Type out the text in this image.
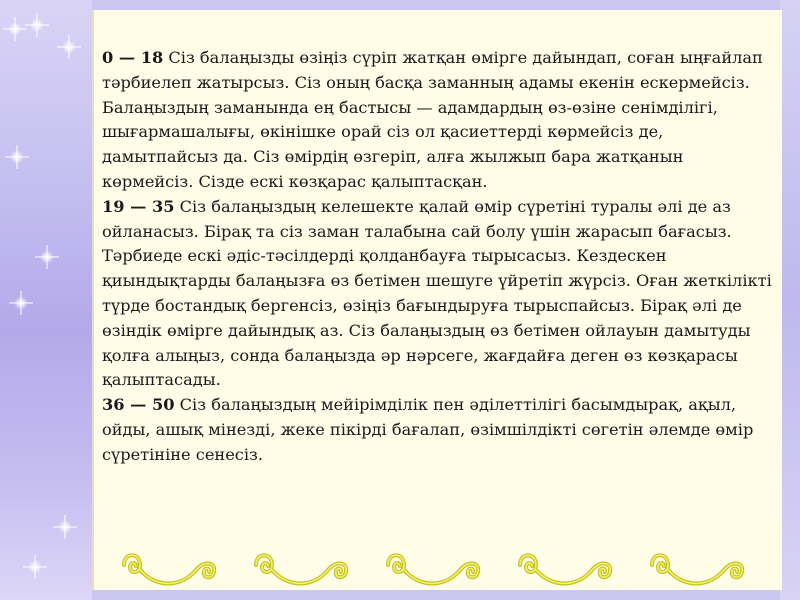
0 — 18 Сіз балаңызды өзіңіз сүріп жатқан өмірге дайындап, соған ыңғайлап тәрбиелеп жатырсыз. Сіз оның басқа заманның адамы екенін ескермейсіз. Балаңыздың заманында ең бастысы — адамдардың өз-өзіне сенімділігі, шығармашалығы, өкінішке орай сіз ол қасиеттерді көрмейсіз де, дамытпайсыз да. Сіз өмірдің өзгеріп, алға жылжып бара жатқанын көрмейсіз. Сізде ескі көзқарас қалыптасқан.

19 — 35 Сіз балаңыздың келешекте қалай өмір сүретіні туралы әлі де аз ойланасыз. Бірақ та сіз заман талабына сай болу үшін жарасып бағасыз. Тәрбиеде ескі әдіс-тәсілдерді қолданбауға тырысасыз. Кездескен қиындықтарды балаңызға өз бетімен шешуге үйретіп жүрсіз. Оған жеткілікті түрде бостандық бергенсіз, өзіңіз бағындыруға тырыспайсыз. Бірақ әлі де өзіндік өмірге дайындық аз. Сіз балаңыздың өз бетімен ойлауын дамытуды қолға алыңыз, сонда балаңызда әр нәрсеге, жағдайға деген өз көзқарасы қалыптасады.

36 — 50 Сіз балаңыздың мейірімділік пен әділеттілігі басымдырақ, ақыл, ойды, ашық мінезді, жеке пікірді бағалап, өзімшілдікті сөгетін әлемде өмір сүретініне сенесіз.
